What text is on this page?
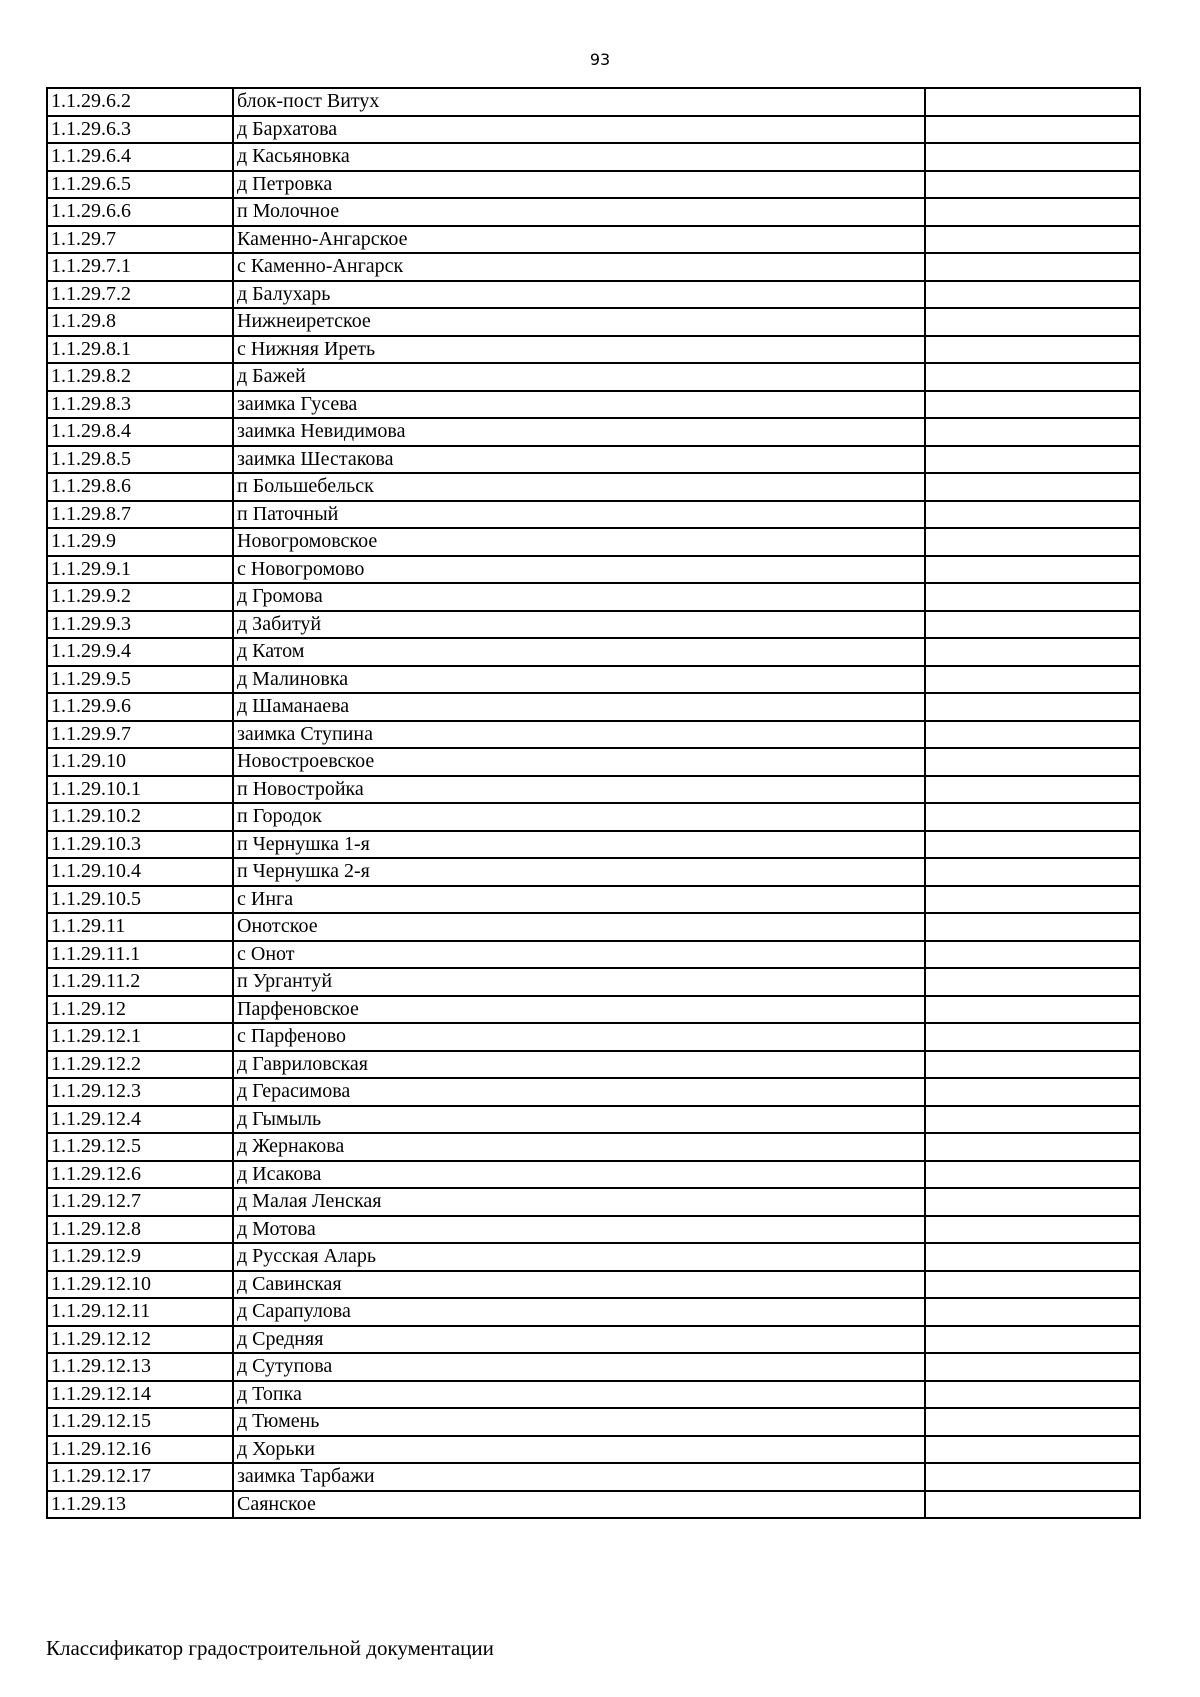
93
1.1.29.6.2	блок-пост Витух	
1.1.29.6.3	д Бархатова	
1.1.29.6.4	д Касьяновка	
1.1.29.6.5	д Петровка	
1.1.29.6.6	п Молочное	
1.1.29.7	Каменно-Ангарское	
1.1.29.7.1	с Каменно-Ангарск	
1.1.29.7.2	д Балухарь	
1.1.29.8	Нижнеиретское	
1.1.29.8.1	с Нижняя Иреть	
1.1.29.8.2	д Бажей	
1.1.29.8.3	заимка Гусева	
1.1.29.8.4	заимка Невидимова	
1.1.29.8.5	заимка Шестакова	
1.1.29.8.6	п Большебельск	
1.1.29.8.7	п Паточный	
1.1.29.9	Новогромовское	
1.1.29.9.1	с Новогромово	
1.1.29.9.2	д Громова	
1.1.29.9.3	д Забитуй	
1.1.29.9.4	д Катом	
1.1.29.9.5	д Малиновка	
1.1.29.9.6	д Шаманаева	
1.1.29.9.7	заимка Ступина	
1.1.29.10	Новостроевское	
1.1.29.10.1	п Новостройка	
1.1.29.10.2	п Городок	
1.1.29.10.3	п Чернушка 1-я	
1.1.29.10.4	п Чернушка 2-я	
1.1.29.10.5	с Инга	
1.1.29.11	Онотское	
1.1.29.11.1	с Онот	
1.1.29.11.2	п Ургантуй	
1.1.29.12	Парфеновское	
1.1.29.12.1	с Парфеново	
1.1.29.12.2	д Гавриловская	
1.1.29.12.3	д Герасимова	
1.1.29.12.4	д Гымыль	
1.1.29.12.5	д Жернакова	
1.1.29.12.6	д Исакова	
1.1.29.12.7	д Малая Ленская	
1.1.29.12.8	д Мотова	
1.1.29.12.9	д Русская Аларь	
1.1.29.12.10	д Савинская	
1.1.29.12.11	д Сарапулова	
1.1.29.12.12	д Средняя	
1.1.29.12.13	д Сутупова	
1.1.29.12.14	д Топка	
1.1.29.12.15	д Тюмень	
1.1.29.12.16	д Хорьки	
1.1.29.12.17	заимка Тарбажи	
1.1.29.13	Саянское	
Классификатор градостроительной документации
